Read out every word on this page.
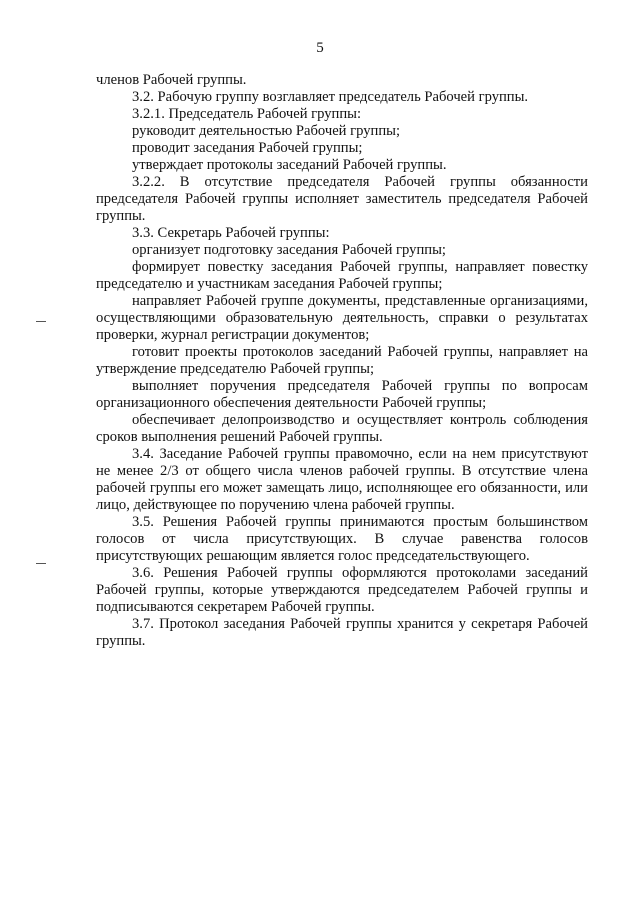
5

членов Рабочей группы.

3.2. Рабочую группу возглавляет председатель Рабочей группы.

3.2.1. Председатель Рабочей группы:

руководит деятельностью Рабочей группы;

проводит заседания Рабочей группы;

утверждает протоколы заседаний Рабочей группы.

3.2.2. В отсутствие председателя Рабочей группы обязанности председателя Рабочей группы исполняет заместитель председателя Рабочей группы.

3.3. Секретарь Рабочей группы:

организует подготовку заседания Рабочей группы;

формирует повестку заседания Рабочей группы, направляет повестку председателю и участникам заседания Рабочей группы;

направляет Рабочей группе документы, представленные организациями, осуществляющими образовательную деятельность, справки о результатах проверки, журнал регистрации документов;

готовит проекты протоколов заседаний Рабочей группы, направляет на утверждение председателю Рабочей группы;

выполняет поручения председателя Рабочей группы по вопросам организационного обеспечения деятельности Рабочей группы;

обеспечивает делопроизводство и осуществляет контроль соблюдения сроков выполнения решений Рабочей группы.

3.4. Заседание Рабочей группы правомочно, если на нем присутствуют не менее 2/3 от общего числа членов рабочей группы. В отсутствие члена рабочей группы его может замещать лицо, исполняющее его обязанности, или лицо, действующее по поручению члена рабочей группы.

3.5. Решения Рабочей группы принимаются простым большинством голосов от числа присутствующих. В случае равенства голосов присутствующих решающим является голос председательствующего.

3.6. Решения Рабочей группы оформляются протоколами заседаний Рабочей группы, которые утверждаются председателем Рабочей группы и подписываются секретарем Рабочей группы.

3.7. Протокол заседания Рабочей группы хранится у секретаря Рабочей группы.
